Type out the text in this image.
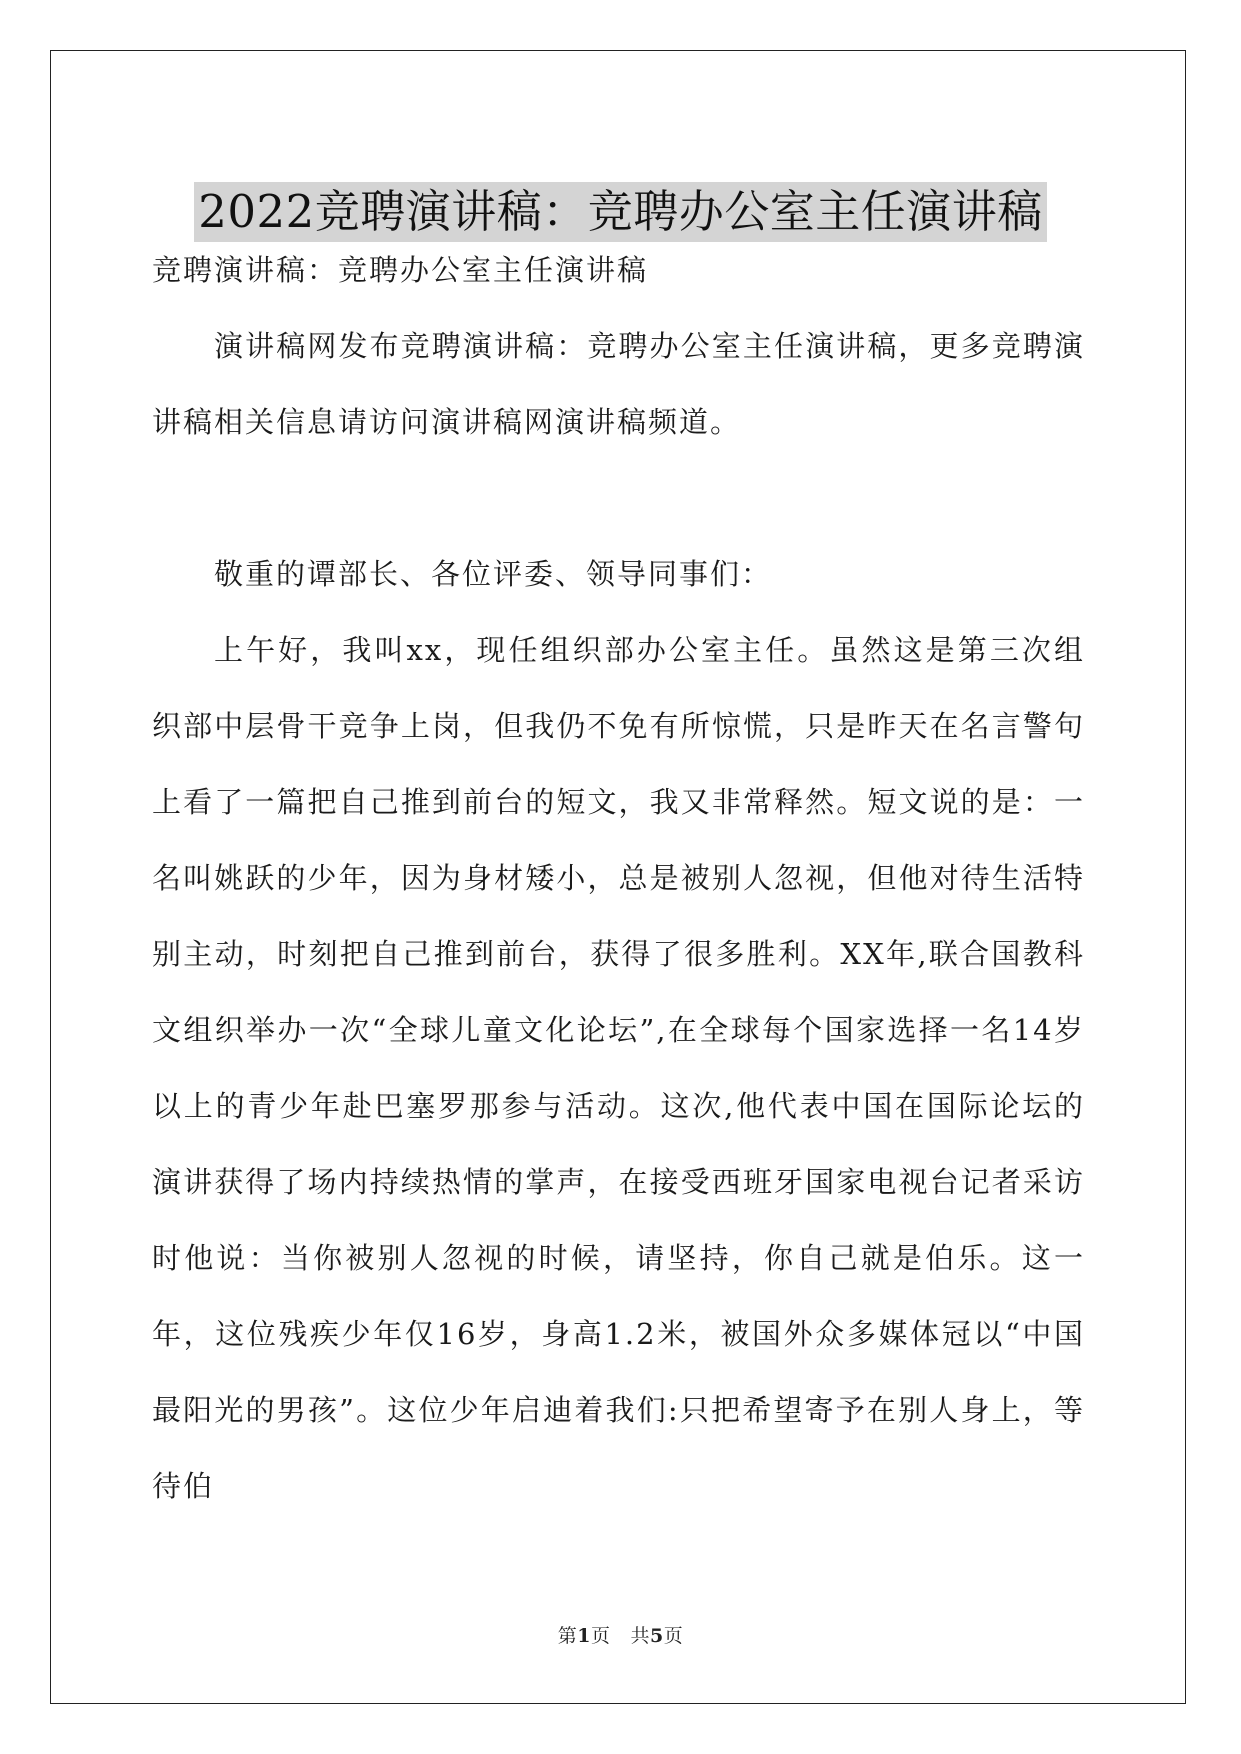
2022竞聘演讲稿：竞聘办公室主任演讲稿

竞聘演讲稿：竞聘办公室主任演讲稿

演讲稿网发布竞聘演讲稿：竞聘办公室主任演讲稿，更多竞聘演讲稿相关信息请访问演讲稿网演讲稿频道。

敬重的谭部长、各位评委、领导同事们：

上午好，我叫xx，现任组织部办公室主任。虽然这是第三次组织部中层骨干竞争上岗，但我仍不免有所惊慌，只是昨天在名言警句上看了一篇把自己推到前台的短文，我又非常释然。短文说的是：一名叫姚跃的少年，因为身材矮小，总是被别人忽视，但他对待生活特别主动，时刻把自己推到前台，获得了很多胜利。XX年,联合国教科文组织举办一次“全球儿童文化论坛”,在全球每个国家选择一名14岁以上的青少年赴巴塞罗那参与活动。这次,他代表中国在国际论坛的演讲获得了场内持续热情的掌声，在接受西班牙国家电视台记者采访时他说：当你被别人忽视的时候，请坚持，你自己就是伯乐。这一年，这位残疾少年仅16岁，身高1.2米，被国外众多媒体冠以“中国最阳光的男孩”。这位少年启迪着我们:只把希望寄予在别人身上，等待伯

第1页 共5页
